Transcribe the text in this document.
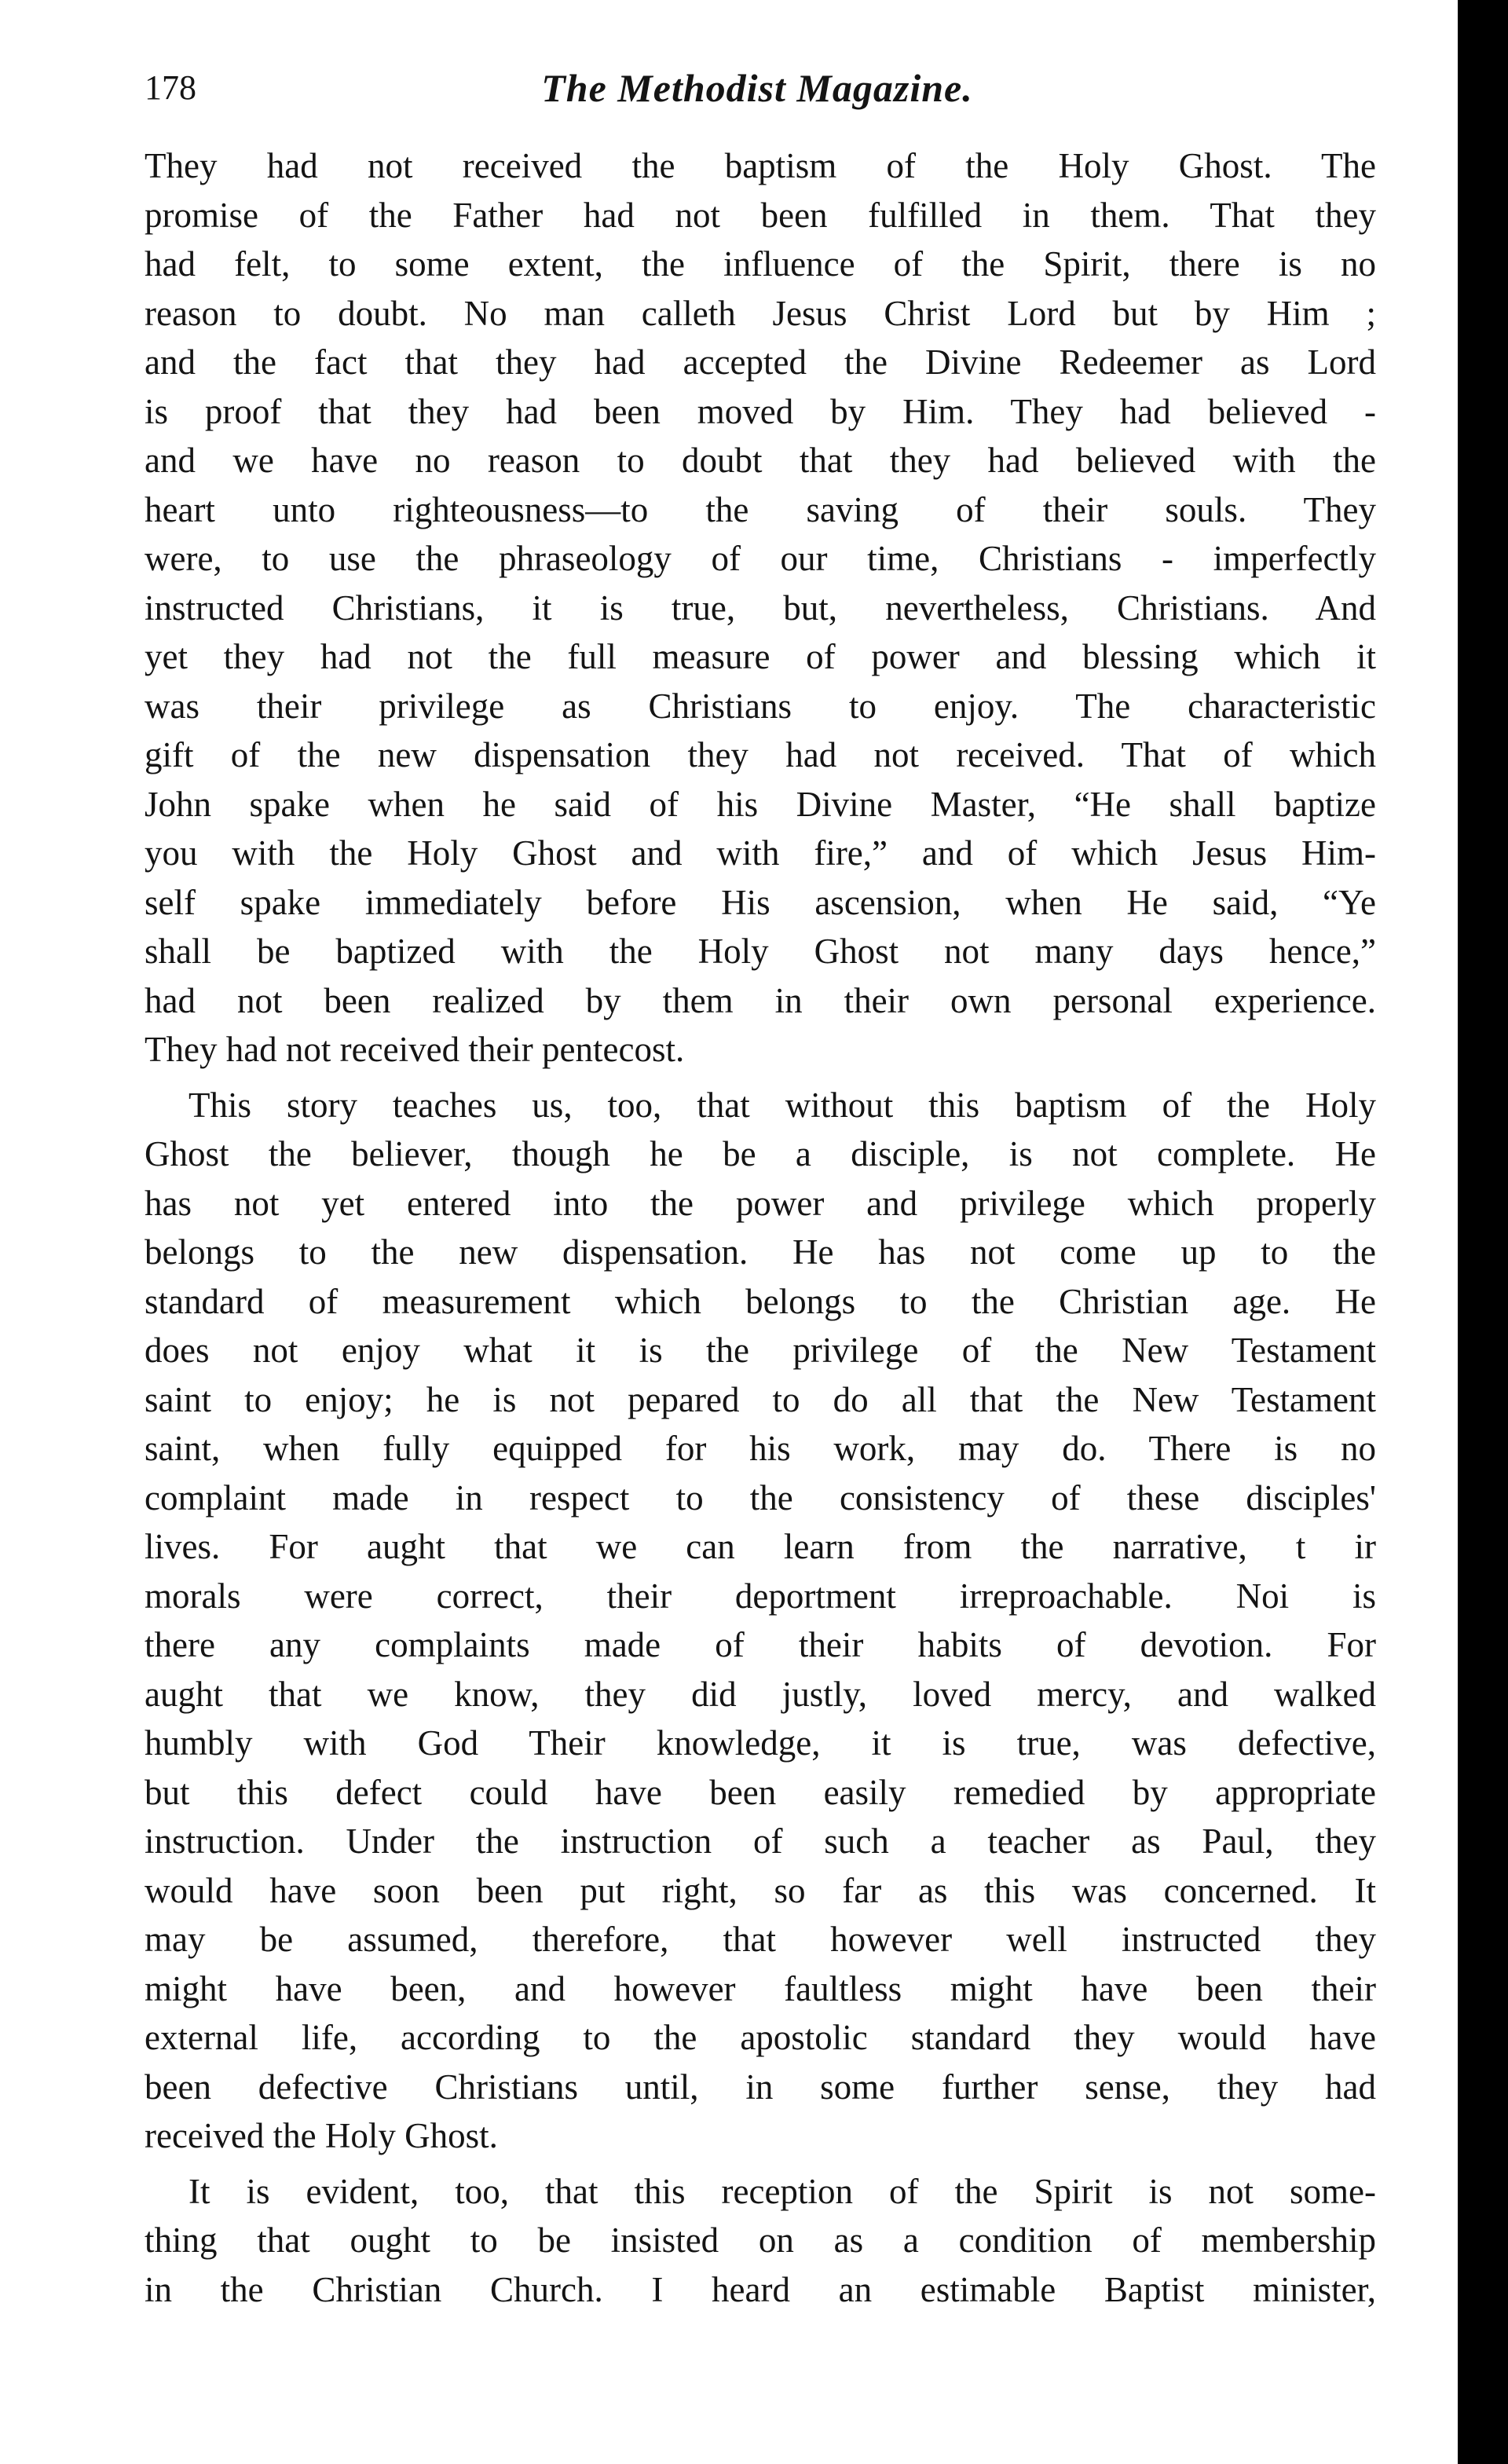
178	The Methodist Magazine.
They had not received the baptism of the Holy Ghost. The
promise of the Father had not been fulfilled in them. That they
had felt, to some extent, the influence of the Spirit, there is no
reason to doubt. No man calleth Jesus Christ Lord but by Him ;
and the fact that they had accepted the Divine Redeemer as Lord
is proof that they had been moved by Him. They had believed -
and we have no reason to doubt that they had believed with the
heart unto righteousness—to the saving of their souls. They
were, to use the phraseology of our time, Christians - imperfectly
instructed Christians, it is true, but, nevertheless, Christians. And
yet they had not the full measure of power and blessing which it
was their privilege as Christians to enjoy. The characteristic
gift of the new dispensation they had not received. That of which
John spake when he said of his Divine Master, “He shall baptize
you with the Holy Ghost and with fire,” and of which Jesus Him-
self spake immediately before His ascension, when He said, “Ye
shall be baptized with the Holy Ghost not many days hence,”
had not been realized by them in their own personal experience.
They had not received their pentecost.
This story teaches us, too, that without this baptism of the Holy
Ghost the believer, though he be a disciple, is not complete. He
has not yet entered into the power and privilege which properly
belongs to the new dispensation. He has not come up to the
standard of measurement which belongs to the Christian age. He
does not enjoy what it is the privilege of the New Testament
saint to enjoy; he is not pepared to do all that the New Testament
saint, when fully equipped for his work, may do. There is no
complaint made in respect to the consistency of these disciples'
lives. For aught that we can learn from the narrative, t ir
morals were correct, their deportment irreproachable. Noi is
there any complaints made of their habits of devotion. For
aught that we know, they did justly, loved mercy, and walked
humbly with God Their knowledge, it is true, was defective,
but this defect could have been easily remedied by appropriate
instruction. Under the instruction of such a teacher as Paul, they
would have soon been put right, so far as this was concerned. It
may be assumed, therefore, that however well instructed they
might have been, and however faultless might have been their
external life, according to the apostolic standard they would have
been defective Christians until, in some further sense, they had
received the Holy Ghost.
It is evident, too, that this reception of the Spirit is not some-
thing that ought to be insisted on as a condition of membership
in the Christian Church. I heard an estimable Baptist minister,
